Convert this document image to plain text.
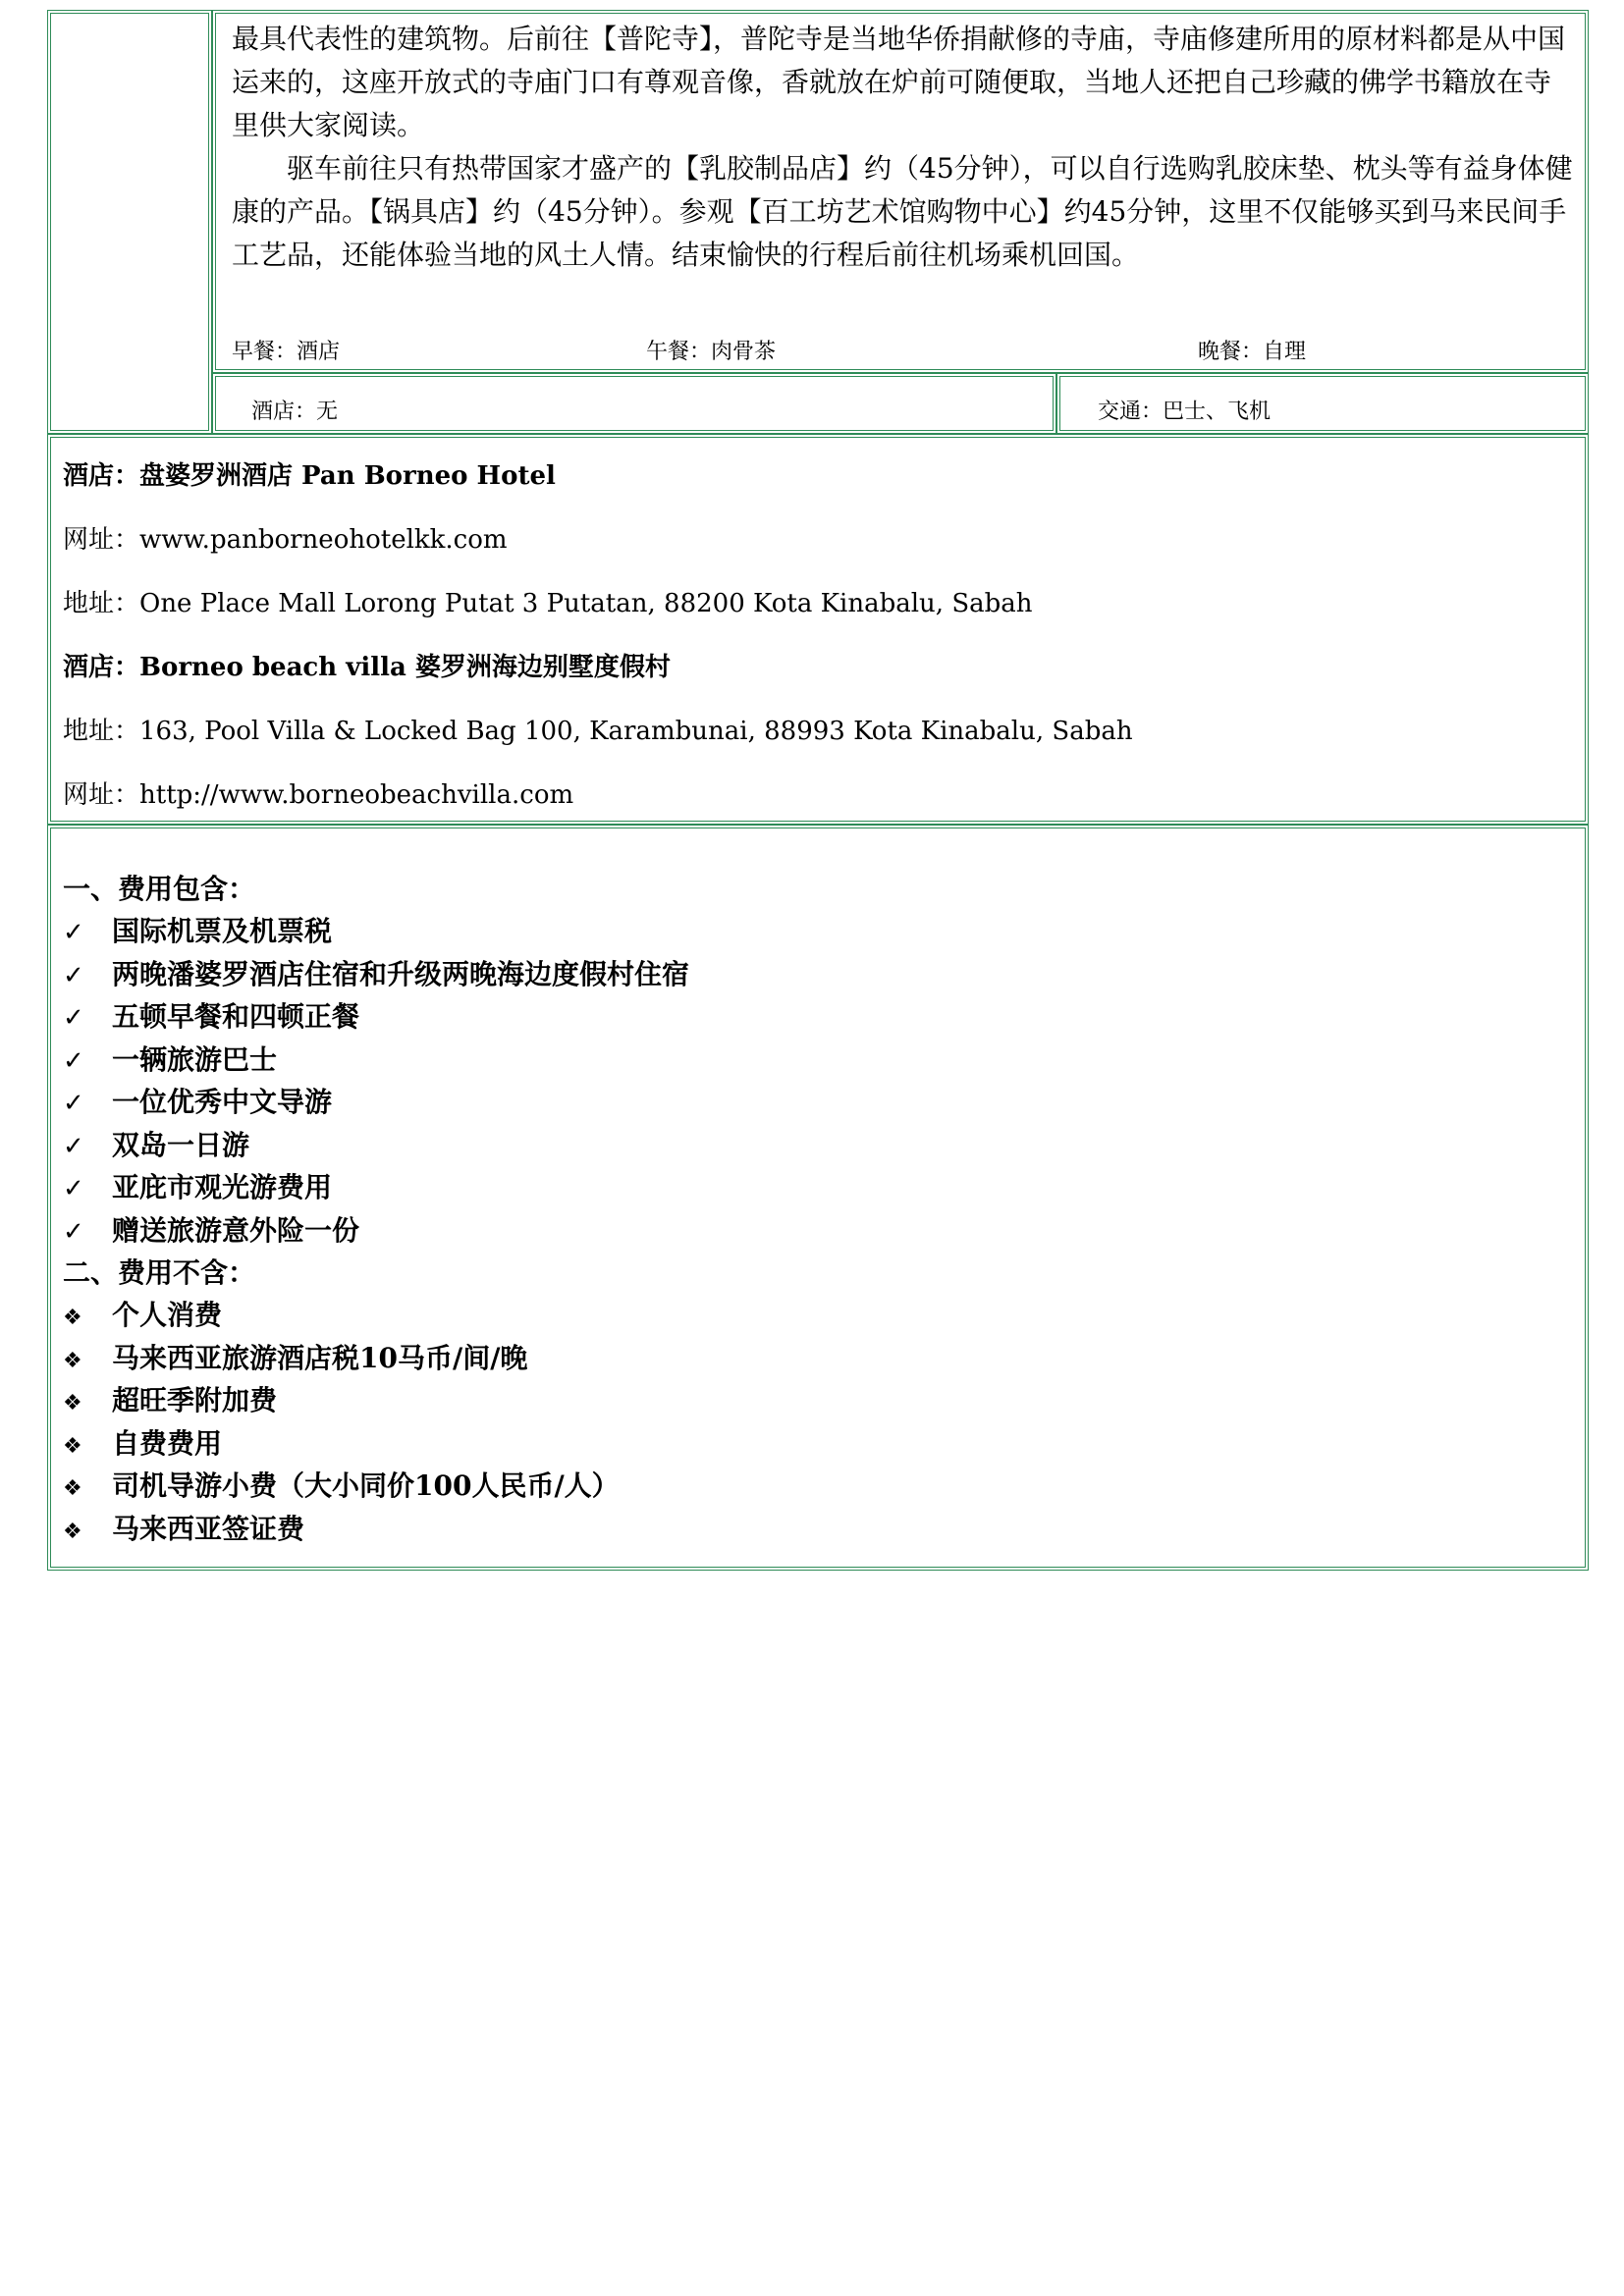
最具代表性的建筑物。后前往【普陀寺】，普陀寺是当地华侨捐献修的寺庙，寺庙修建所用的原材料都是从中国运来的，这座开放式的寺庙门口有尊观音像，香就放在炉前可随便取，当地人还把自己珍藏的佛学书籍放在寺里供大家阅读。

驱车前往只有热带国家才盛产的【乳胶制品店】约（45分钟），可以自行选购乳胶床垫、枕头等有益身体健康的产品。【锅具店】约（45分钟）。参观【百工坊艺术馆购物中心】约45分钟，这里不仅能够买到马来民间手工艺品，还能体验当地的风土人情。结束愉快的行程后前往机场乘机回国。

早餐：酒店	午餐：肉骨茶	晚餐：自理
酒店：无	交通：巴士、飞机
酒店：盘婆罗洲酒店 Pan Borneo Hotel
网址：www.panborneohotelkk.com
地址：One Place Mall Lorong Putat 3 Putatan, 88200 Kota Kinabalu, Sabah
酒店：Borneo beach villa 婆罗洲海边别墅度假村
地址：163, Pool Villa & Locked Bag 100, Karambunai, 88993 Kota Kinabalu, Sabah
网址：http://www.borneobeachvilla.com
一、费用包含：
✓ 国际机票及机票税
✓ 两晚潘婆罗酒店住宿和升级两晚海边度假村住宿
✓ 五顿早餐和四顿正餐
✓ 一辆旅游巴士
✓ 一位优秀中文导游
✓ 双岛一日游
✓ 亚庇市观光游费用
✓ 赠送旅游意外险一份
二、费用不含：
❖ 个人消费
❖ 马来西亚旅游酒店税10马币/间/晚
❖ 超旺季附加费
❖ 自费费用
❖ 司机导游小费（大小同价100人民币/人）
❖ 马来西亚签证费
